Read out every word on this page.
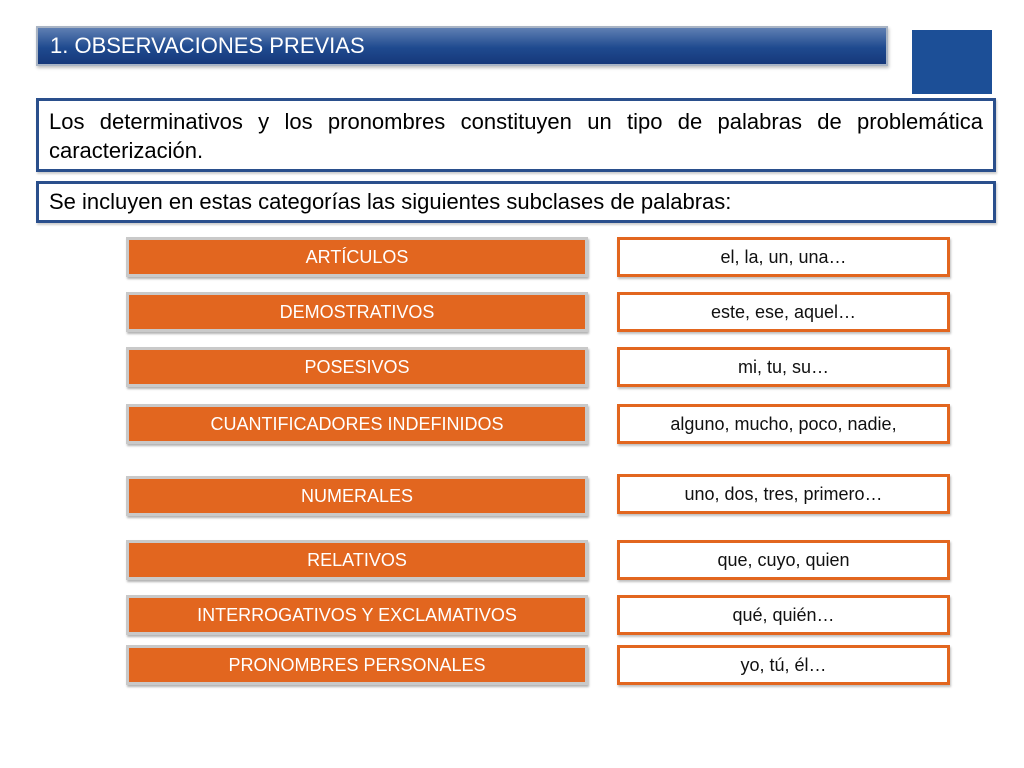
1. OBSERVACIONES PREVIAS
Los determinativos y los pronombres constituyen un tipo de palabras de problemática caracterización.
Se incluyen en estas categorías las siguientes subclases de palabras:
ARTÍCULOS	el, la, un, una…
DEMOSTRATIVOS	este, ese, aquel…
POSESIVOS	mi, tu, su…
CUANTIFICADORES INDEFINIDOS	alguno, mucho, poco, nadie,
NUMERALES	uno, dos, tres, primero…
RELATIVOS	que, cuyo, quien
INTERROGATIVOS Y EXCLAMATIVOS	qué, quién…
PRONOMBRES PERSONALES	yo, tú, él…
